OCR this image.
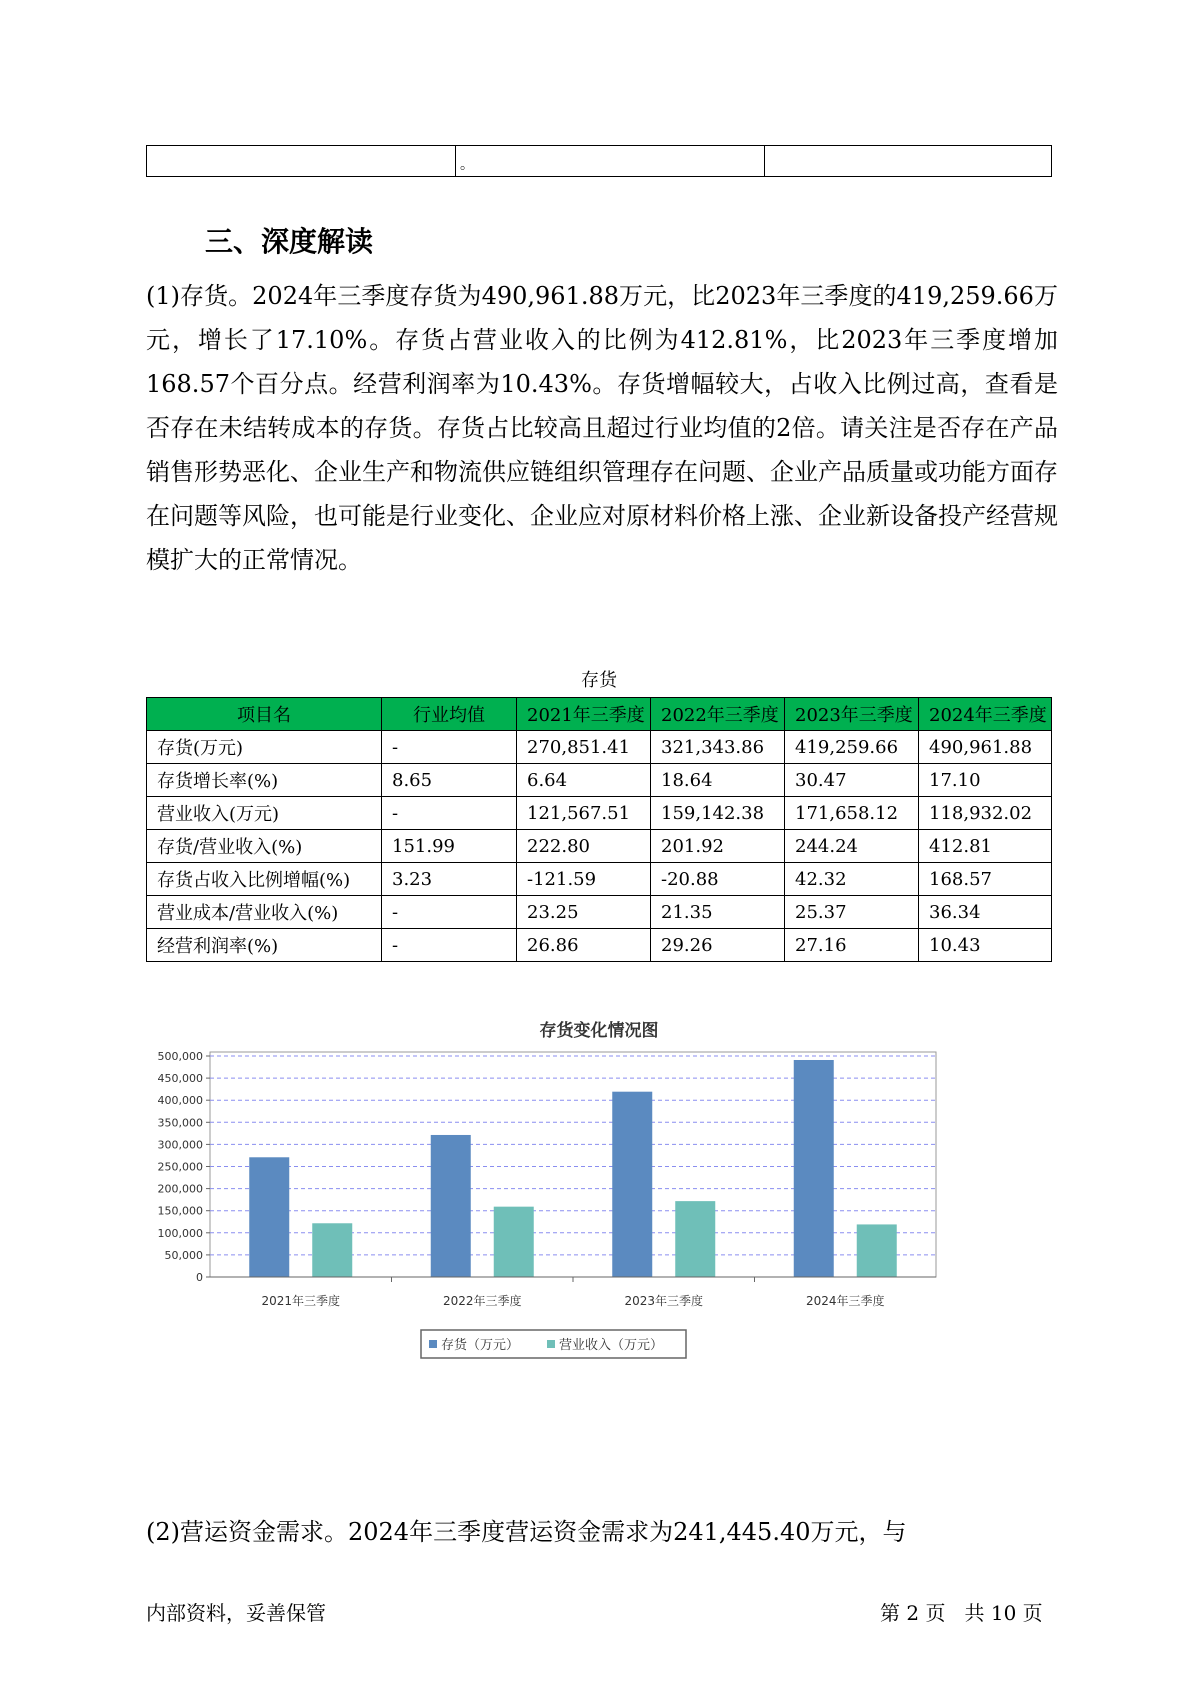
	。	
三、深度解读

(1)存货。2024年三季度存货为490,961.88万元，比2023年三季度的419,259.66万元，增长了17.10%。存货占营业收入的比例为412.81%，比2023年三季度增加168.57个百分点。经营利润率为10.43%。存货增幅较大，占收入比例过高，查看是否存在未结转成本的存货。存货占比较高且超过行业均值的2倍。请关注是否存在产品销售形势恶化、企业生产和物流供应链组织管理存在问题、企业产品质量或功能方面存在问题等风险，也可能是行业变化、企业应对原材料价格上涨、企业新设备投产经营规模扩大的正常情况。

存货
项目名	行业均值	2021年三季度	2022年三季度	2023年三季度	2024年三季度
存货(万元)	-	270,851.41	321,343.86	419,259.66	490,961.88
存货增长率(%)	8.65	6.64	18.64	30.47	17.10
营业收入(万元)	-	121,567.51	159,142.38	171,658.12	118,932.02
存货/营业收入(%)	151.99	222.80	201.92	244.24	412.81
存货占收入比例增幅(%)	3.23	-121.59	-20.88	42.32	168.57
营业成本/营业收入(%)	-	23.25	21.35	25.37	36.34
经营利润率(%)	-	26.86	29.26	27.16	10.43
存货变化情况图
0
50,000
100,000
150,000
200,000
250,000
300,000
350,000
400,000
450,000
500,000
2021年三季度	2022年三季度	2023年三季度	2024年三季度
存货（万元）	营业收入（万元）

(2)营运资金需求。2024年三季度营运资金需求为241,445.40万元，与

内部资料，妥善保管	第 2 页   共 10 页
